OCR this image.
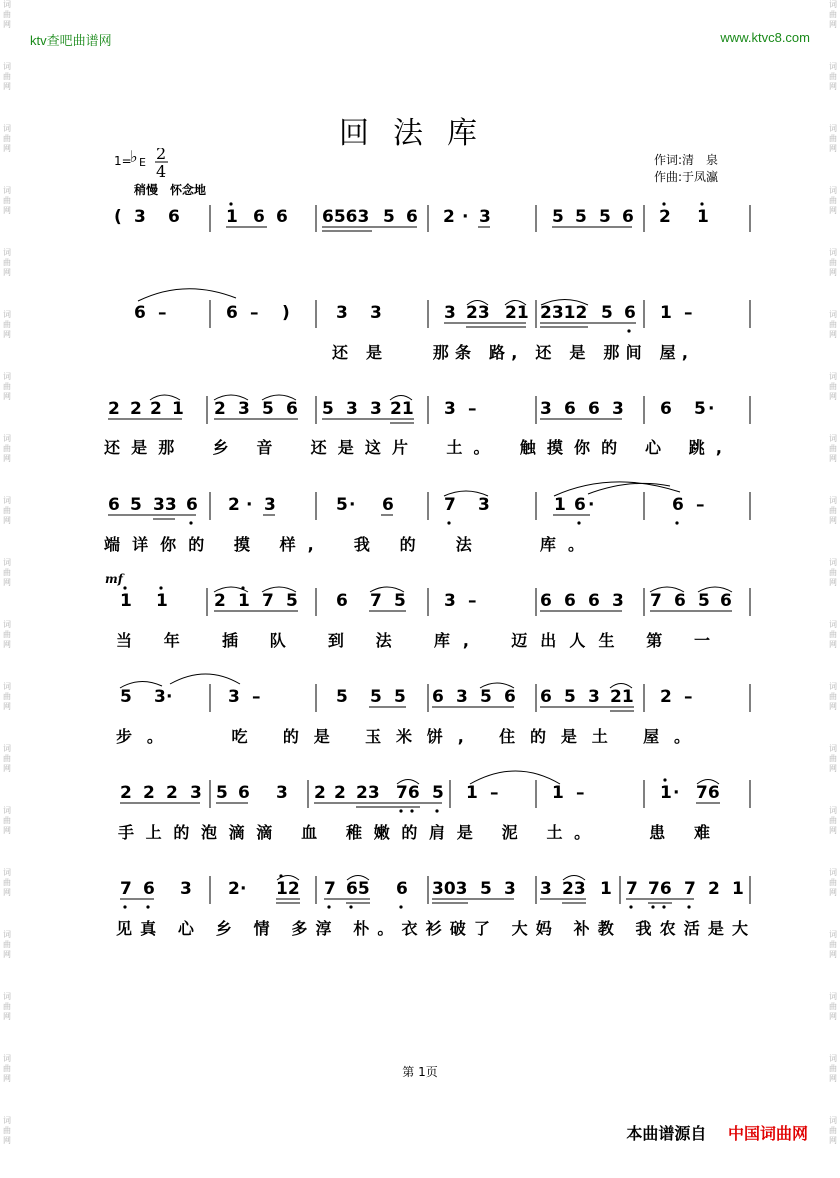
词
曲
网
词
曲
网
词
曲
网
词
曲
网
词
曲
网
词
曲
网
词
曲
网
词
曲
网
词
曲
网
词
曲
网
词
曲
网
词
曲
网
词
曲
网
词
曲
网
词
曲
网
词
曲
网
词
曲
网
词
曲
网
词
曲
网
词
曲
网
词
曲
网
词
曲
网
词
曲
网
词
曲
网
词
曲
网
词
曲
网
词
曲
网
词
曲
网
词
曲
网
词
曲
网
词
曲
网
词
曲
网
词
曲
网
词
曲
网
词
曲
网
词
曲
网
词
曲
网
词
曲
网
ktv查吧曲谱网	www.ktvc8.com
回法库
1=
♭ E 2
4
作词:清　泉
作曲:于凤瀛
稍慢　怀念地
mf
( 3 6	1 6 6 6563 5 6 2 · 3	5 5 5 6 2 1
6 –	6 – )	3 3	3 23 21 2312 5 6 1 –
还 是　　那条 路, 还 是 那间 屋,
2 2 2 1 2 3 5 6 5 3 3 21 3 –	3 6 6 3 6 5 ·
还是那　乡 音　还是这片　土。　触摸你的 心 跳,
6 5 33 6 2 · 3	5 · 6	7 3	1 6 ·	6 –
端详你的 摸 样,　我 的　法　　库。
1 1	2 1 7 5 6 7 5 3 –	6 6 6 3 7 6 5 6
当 年　插 队　到 法　库,　迈出人生 第 一
5 3 ·	3 –	5 5 5 6 3 5 6 6 5 3 21 2 –
步。　　吃 的是 玉米饼, 住的是土 屋。
2 2 2 3 5 6 3 2 2 23 76 5 1 –	1 –	1 · 76
手上的泡滴滴 血 稚嫩的肩是 泥 土。　　患 难
7 6 3 2 · 12 7 65 6 303 5 3 3 23 1 7 76 7 2 1
见真 心 乡 情 多淳 朴。衣衫破了 大妈 补教 我农活是大
第 1页
本曲谱源自 中国词曲网
